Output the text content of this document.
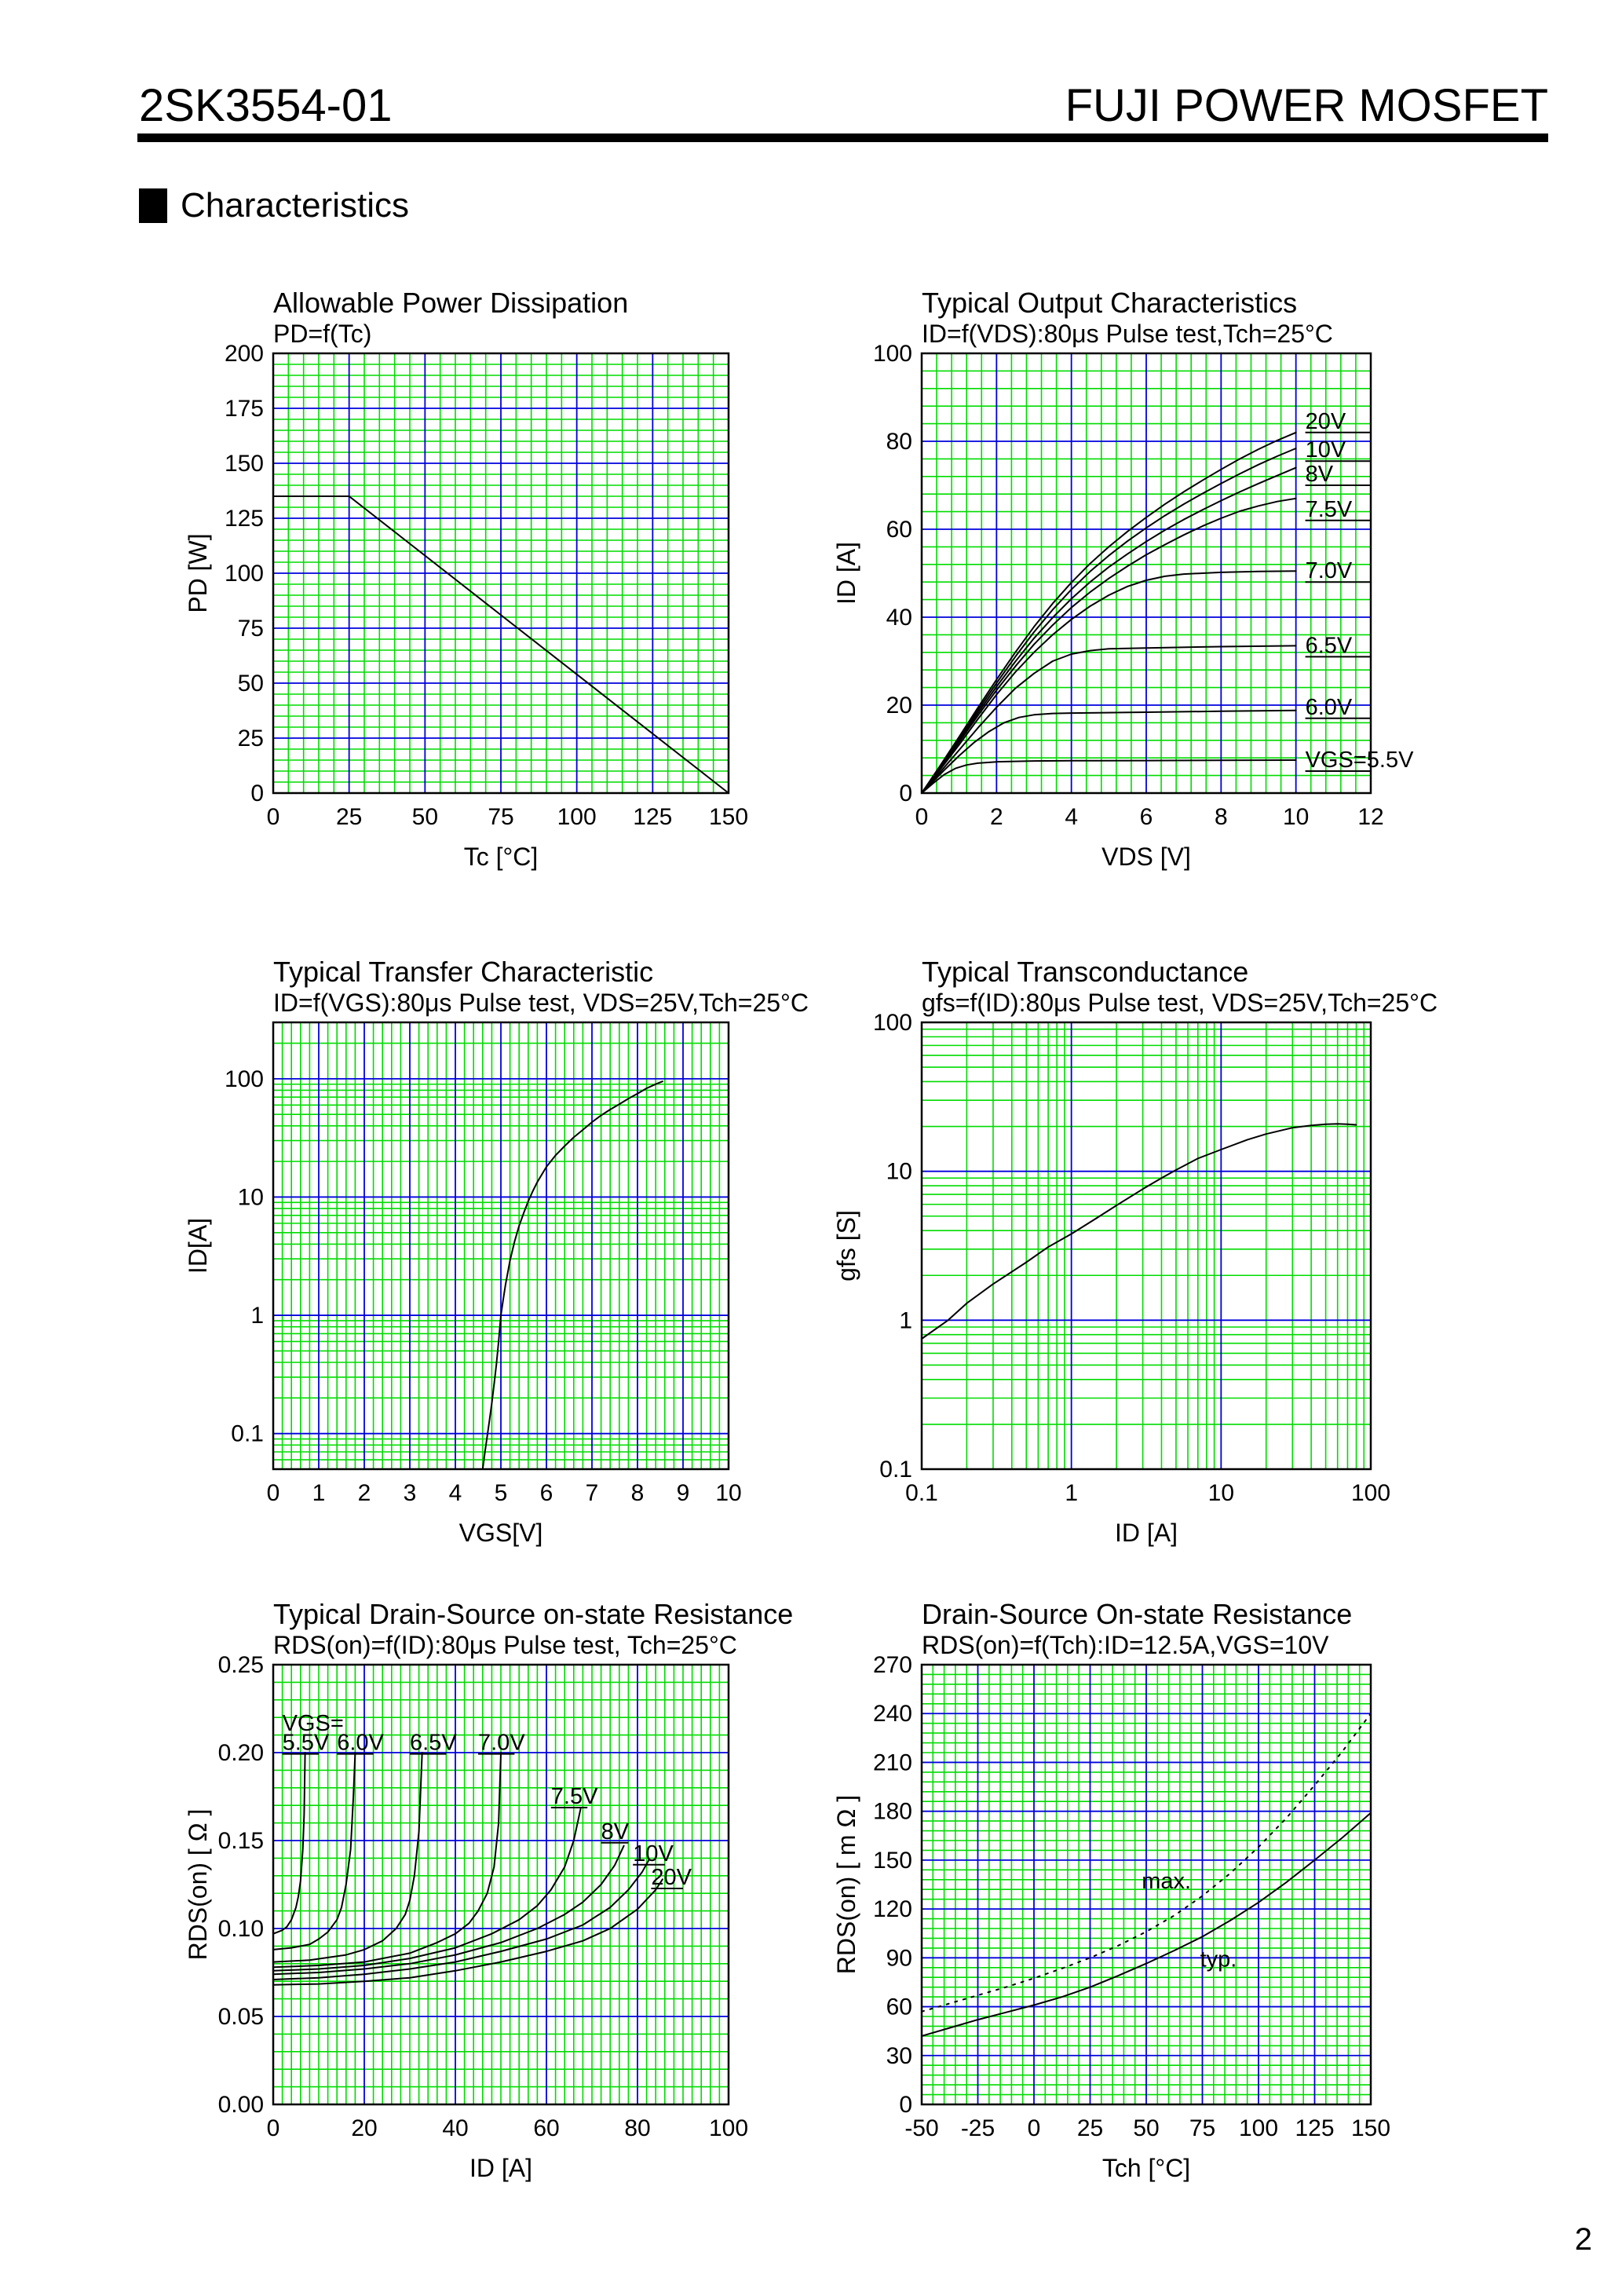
2SK3554-01	FUJI POWER MOSFET
Characteristics
0 25 50 75 100 125 150
0
25
50
75
100
125
150
175
200
Allowable Power Dissipation
PD=f(Tc)
Tc [°C]
PD [W]
20V
10V
8V
7.5V
7.0V
6.5V
6.0V
VGS=5.5V
0	2	4	6	8 10 12
0
20
40
60
80
100
Typical Output Characteristics
ID=f(VDS):80μs Pulse test,Tch=25°C
VDS [V]
ID [A]
0 1 2 3 4 5 6 7 8 9 10
0.1
1
10
100
Typical Transfer Characteristic
ID=f(VGS):80μs Pulse test, VDS=25V,Tch=25°C
VGS[V]
ID[A]
0.1	1	10	100
0.1
1
10
100
Typical Transconductance
gfs=f(ID):80μs Pulse test, VDS=25V,Tch=25°C
ID [A]
gfs [S]
VGS=
5.5V 6.0V 6.5V 7.0V
7.5V
8V
10V
20V
0	20	40	60	80 100
0.00
0.05
0.10
0.15
0.20
0.25
Typical Drain-Source on-state Resistance
RDS(on)=f(ID):80μs Pulse test, Tch=25°C
ID [A]
RDS(on) [ Ω ]	max.
typ.
-50 -25 0 25 50 75 100 125 150
0
30
60
90
120
150
180
210
240
270
Drain-Source On-state Resistance
RDS(on)=f(Tch):ID=12.5A,VGS=10V
Tch [°C]
RDS(on) [ m Ω ]
2
